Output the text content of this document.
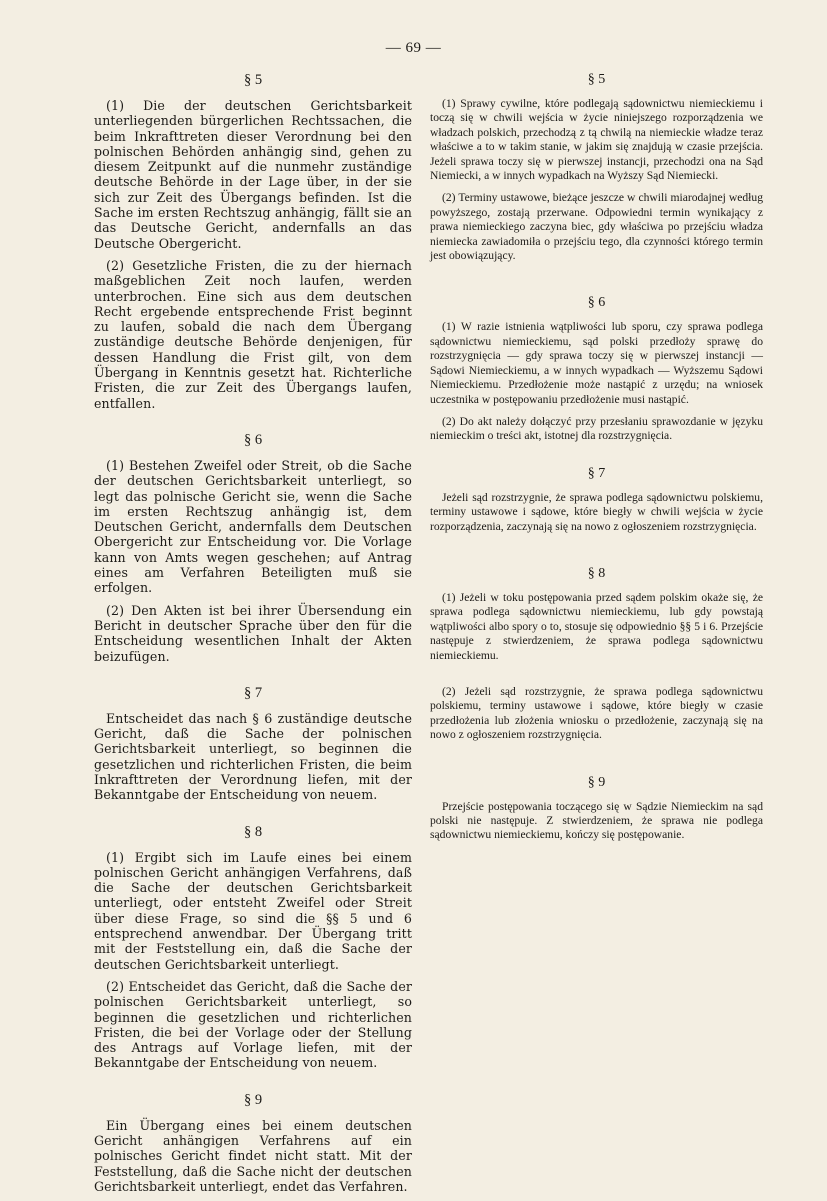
— 69 —
§ 5

(1) Die der deutschen Gerichtsbarkeit unterliegenden bürgerlichen Rechtssachen, die beim Inkrafttreten dieser Verordnung bei den polnischen Behörden anhängig sind, gehen zu diesem Zeitpunkt auf die nunmehr zuständige deutsche Behörde in der Lage über, in der sie sich zur Zeit des Übergangs befinden. Ist die Sache im ersten Rechtszug anhängig, fällt sie an das Deutsche Gericht, andernfalls an das Deutsche Obergericht.

(2) Gesetzliche Fristen, die zu der hiernach maßgeblichen Zeit noch laufen, werden unterbrochen. Eine sich aus dem deutschen Recht ergebende entsprechende Frist beginnt zu laufen, sobald die nach dem Übergang zuständige deutsche Behörde denjenigen, für dessen Handlung die Frist gilt, von dem Übergang in Kenntnis gesetzt hat. Richterliche Fristen, die zur Zeit des Übergangs laufen, entfallen.

§ 6

(1) Bestehen Zweifel oder Streit, ob die Sache der deutschen Gerichtsbarkeit unterliegt, so legt das polnische Gericht sie, wenn die Sache im ersten Rechtszug anhängig ist, dem Deutschen Gericht, andernfalls dem Deutschen Obergericht zur Entscheidung vor. Die Vorlage kann von Amts wegen geschehen; auf Antrag eines am Verfahren Beteiligten muß sie erfolgen.

(2) Den Akten ist bei ihrer Übersendung ein Bericht in deutscher Sprache über den für die Entscheidung wesentlichen Inhalt der Akten beizufügen.

§ 7

Entscheidet das nach § 6 zuständige deutsche Gericht, daß die Sache der polnischen Gerichtsbarkeit unterliegt, so beginnen die gesetzlichen und richterlichen Fristen, die beim Inkrafttreten der Verordnung liefen, mit der Bekanntgabe der Entscheidung von neuem.

§ 8

(1) Ergibt sich im Laufe eines bei einem polnischen Gericht anhängigen Verfahrens, daß die Sache der deutschen Gerichtsbarkeit unterliegt, oder entsteht Zweifel oder Streit über diese Frage, so sind die §§ 5 und 6 entsprechend anwendbar. Der Übergang tritt mit der Feststellung ein, daß die Sache der deutschen Gerichtsbarkeit unterliegt.

(2) Entscheidet das Gericht, daß die Sache der polnischen Gerichtsbarkeit unterliegt, so beginnen die gesetzlichen und richterlichen Fristen, die bei der Vorlage oder der Stellung des Antrags auf Vorlage liefen, mit der Bekanntgabe der Entscheidung von neuem.

§ 9

Ein Übergang eines bei einem deutschen Gericht anhängigen Verfahrens auf ein polnisches Gericht findet nicht statt. Mit der Feststellung, daß die Sache nicht der deutschen Gerichtsbarkeit unterliegt, endet das Verfahren.

§ 5

(1) Sprawy cywilne, które podlegają sądownictwu niemieckiemu i toczą się w chwili wejścia w życie niniejszego rozporządzenia we władzach polskich, przechodzą z tą chwilą na niemieckie władze teraz właściwe a to w takim stanie, w jakim się znajdują w czasie przejścia. Jeżeli sprawa toczy się w pierwszej instancji, przechodzi ona na Sąd Niemiecki, a w innych wypadkach na Wyższy Sąd Niemiecki.

(2) Terminy ustawowe, bieżące jeszcze w chwili miarodajnej według powyższego, zostają przerwane. Odpowiedni termin wynikający z prawa niemieckiego zaczyna biec, gdy właściwa po przejściu władza niemiecka zawiadomiła o przejściu tego, dla czynności którego termin jest obowiązujący.

§ 6

(1) W razie istnienia wątpliwości lub sporu, czy sprawa podlega sądownictwu niemieckiemu, sąd polski przedłoży sprawę do rozstrzygnięcia — gdy sprawa toczy się w pierwszej instancji — Sądowi Niemieckiemu, a w innych wypadkach — Wyższemu Sądowi Niemieckiemu. Przedłożenie może nastąpić z urzędu; na wniosek uczestnika w postępowaniu przedłożenie musi nastąpić.

(2) Do akt należy dołączyć przy przesłaniu sprawozdanie w języku niemieckim o treści akt, istotnej dla rozstrzygnięcia.

§ 7

Jeżeli sąd rozstrzygnie, że sprawa podlega sądownictwu polskiemu, terminy ustawowe i sądowe, które biegły w chwili wejścia w życie rozporządzenia, zaczynają się na nowo z ogłoszeniem rozstrzygnięcia.

§ 8

(1) Jeżeli w toku postępowania przed sądem polskim okaże się, że sprawa podlega sądownictwu niemieckiemu, lub gdy powstają wątpliwości albo spory o to, stosuje się odpowiednio §§ 5 i 6. Przejście następuje z stwierdzeniem, że sprawa podlega sądownictwu niemieckiemu.

(2) Jeżeli sąd rozstrzygnie, że sprawa podlega sądownictwu polskiemu, terminy ustawowe i sądowe, które biegły w czasie przedłożenia lub złożenia wniosku o przedłożenie, zaczynają się na nowo z ogłoszeniem rozstrzygnięcia.

§ 9

Przejście postępowania toczącego się w Sądzie Niemieckim na sąd polski nie następuje. Z stwierdzeniem, że sprawa nie podlega sądownictwu niemieckiemu, kończy się postępowanie.
